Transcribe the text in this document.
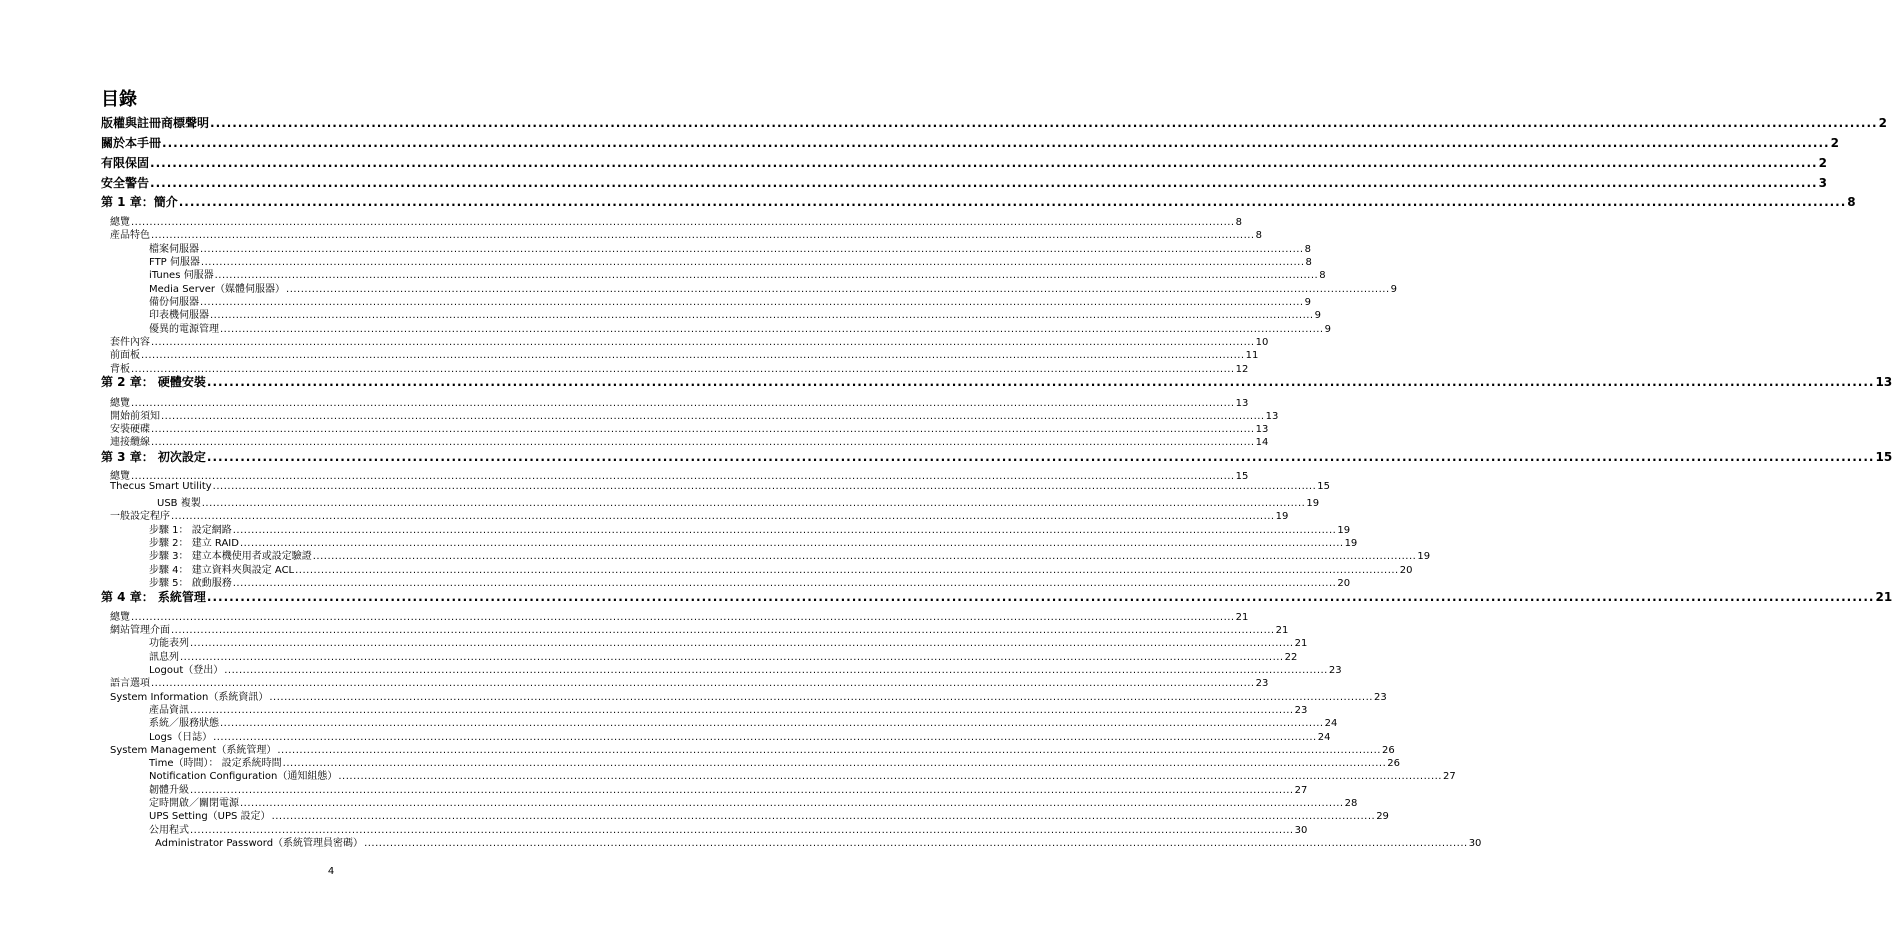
目錄
版權與註冊商標聲明 ............................................................................................................................................................................................................................................................................................................ 2
關於本手冊 ............................................................................................................................................................................................................................................................................................................ 2
有限保固 ............................................................................................................................................................................................................................................................................................................ 2
安全警告 ............................................................................................................................................................................................................................................................................................................ 3
第 1 章：簡介 ............................................................................................................................................................................................................................................................................................................ 8
總覽 ............................................................................................................................................................................................................................................................................................................ 8
產品特色 ............................................................................................................................................................................................................................................................................................................ 8
檔案伺服器 ............................................................................................................................................................................................................................................................................................................ 8
FTP 伺服器 ............................................................................................................................................................................................................................................................................................................ 8
iTunes 伺服器 ............................................................................................................................................................................................................................................................................................................ 8
Media Server（媒體伺服器） ............................................................................................................................................................................................................................................................................................................ 9
備份伺服器 ............................................................................................................................................................................................................................................................................................................ 9
印表機伺服器 ............................................................................................................................................................................................................................................................................................................ 9
優異的電源管理 ............................................................................................................................................................................................................................................................................................................ 9
套件內容 ............................................................................................................................................................................................................................................................................................................ 10
前面板 ............................................................................................................................................................................................................................................................................................................ 11
背板 ............................................................................................................................................................................................................................................................................................................ 12
第 2 章： 硬體安裝 ............................................................................................................................................................................................................................................................................................................ 13
總覽 ............................................................................................................................................................................................................................................................................................................ 13
開始前須知 ............................................................................................................................................................................................................................................................................................................ 13
安裝硬碟 ............................................................................................................................................................................................................................................................................................................ 13
連接纜線 ............................................................................................................................................................................................................................................................................................................ 14
第 3 章： 初次設定 ............................................................................................................................................................................................................................................................................................................ 15
總覽 ............................................................................................................................................................................................................................................................................................................ 15
Thecus Smart Utility ............................................................................................................................................................................................................................................................................................................ 15
USB 複製 ............................................................................................................................................................................................................................................................................................................ 19
一般設定程序 ............................................................................................................................................................................................................................................................................................................ 19
步驟 1： 設定網路 ............................................................................................................................................................................................................................................................................................................ 19
步驟 2： 建立 RAID ............................................................................................................................................................................................................................................................................................................ 19
步驟 3： 建立本機使用者或設定驗證 ............................................................................................................................................................................................................................................................................................................ 19
步驟 4： 建立資料夾與設定 ACL ............................................................................................................................................................................................................................................................................................................ 20
步驟 5： 啟動服務 ............................................................................................................................................................................................................................................................................................................ 20
第 4 章： 系統管理 ............................................................................................................................................................................................................................................................................................................ 21
總覽 ............................................................................................................................................................................................................................................................................................................ 21
網站管理介面 ............................................................................................................................................................................................................................................................................................................ 21
功能表列 ............................................................................................................................................................................................................................................................................................................ 21
訊息列 ............................................................................................................................................................................................................................................................................................................ 22
Logout（登出） ............................................................................................................................................................................................................................................................................................................ 23
語言選項 ............................................................................................................................................................................................................................................................................................................ 23
System Information（系統資訊） ............................................................................................................................................................................................................................................................................................................ 23
產品資訊 ............................................................................................................................................................................................................................................................................................................ 23
系統／服務狀態 ............................................................................................................................................................................................................................................................................................................ 24
Logs（日誌） ............................................................................................................................................................................................................................................................................................................ 24
System Management（系統管理） ............................................................................................................................................................................................................................................................................................................ 26
Time（時間）： 設定系統時間 ............................................................................................................................................................................................................................................................................................................ 26
Notification Configuration（通知組態） ............................................................................................................................................................................................................................................................................................................ 27
韌體升級 ............................................................................................................................................................................................................................................................................................................ 27
定時開啟／關閉電源 ............................................................................................................................................................................................................................................................................................................ 28
UPS Setting（UPS 設定） ............................................................................................................................................................................................................................................................................................................ 29
公用程式 ............................................................................................................................................................................................................................................................................................................ 30
Administrator Password（系統管理員密碼） ............................................................................................................................................................................................................................................................................................................ 30
4
